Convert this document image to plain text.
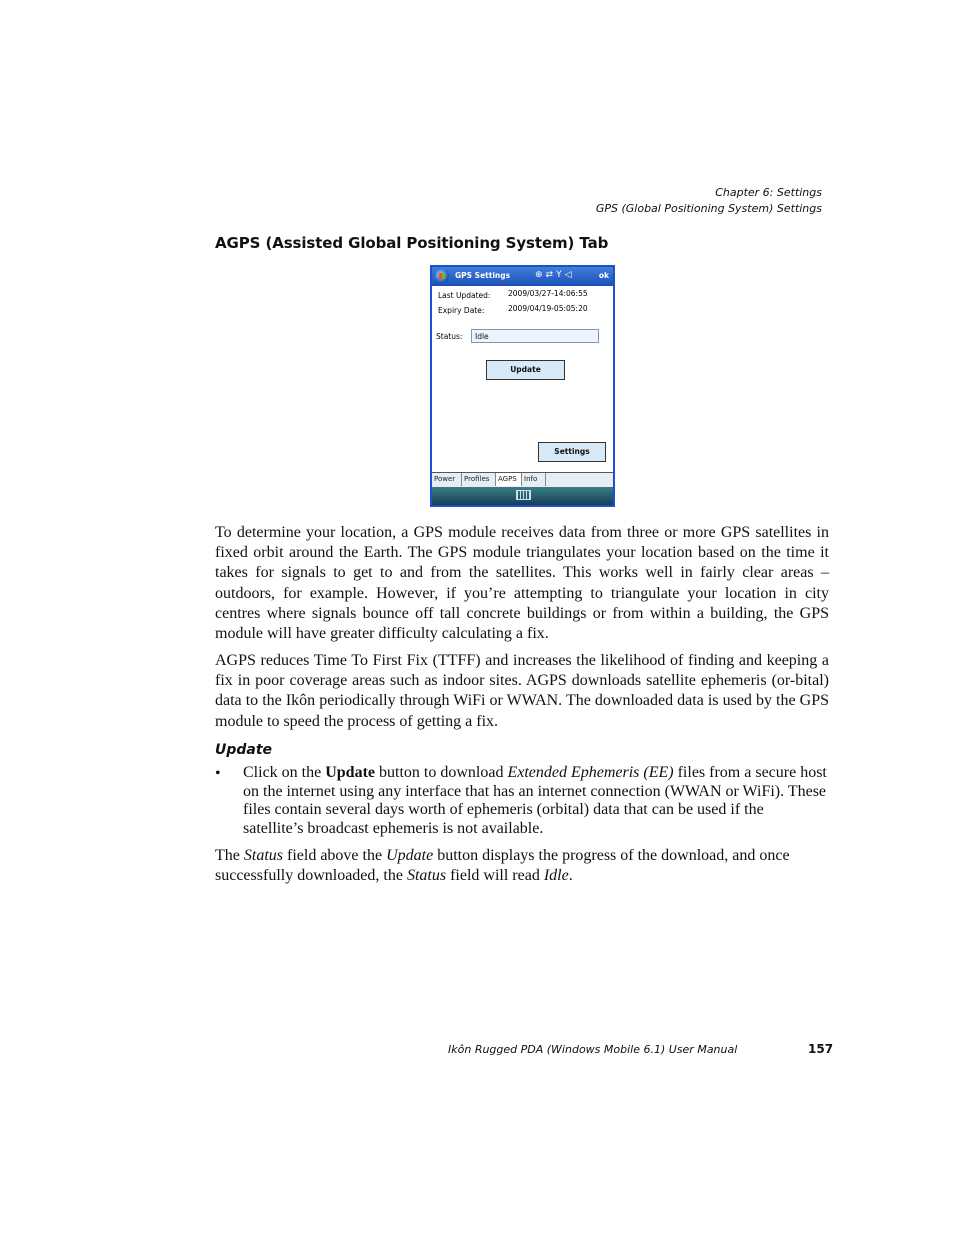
Chapter 6: Settings
GPS (Global Positioning System) Settings
AGPS (Assisted Global Positioning System) Tab
GPS Settings	⊕⇄Y◁	ok
Last Updated: 2009/03/27-14:06:55
Expiry Date:	2009/04/19-05:05:20
Status:	Idle
Update
Settings
Power	Profiles	AGPS	Info

To determine your location, a GPS module receives data from three or more GPS satellites in fixed orbit around the Earth. The GPS module triangulates your location based on the time it takes for signals to get to and from the satellites. This works well in fairly clear areas – outdoors, for example. However, if you’re attempting to triangulate your location in city centres where signals bounce off tall concrete buildings or from within a building, the GPS module will have greater difficulty calculating a fix.

AGPS reduces Time To First Fix (TTFF) and increases the likelihood of finding and keeping a fix in poor coverage areas such as indoor sites. AGPS downloads satellite ephemeris (or-bital) data to the Ikôn periodically through WiFi or WWAN. The downloaded data is used by the GPS module to speed the process of getting a fix.

Update
• Click on the Update button to download Extended Ephemeris (EE) files from a secure host on the internet using any interface that has an internet connection (WWAN or WiFi). These files contain several days worth of ephemeris (orbital) data that can be used if the satellite’s broadcast ephemeris is not available.

The Status field above the Update button displays the progress of the download, and once successfully downloaded, the Status field will read Idle.

Ikôn Rugged PDA (Windows Mobile 6.1) User Manual	157
